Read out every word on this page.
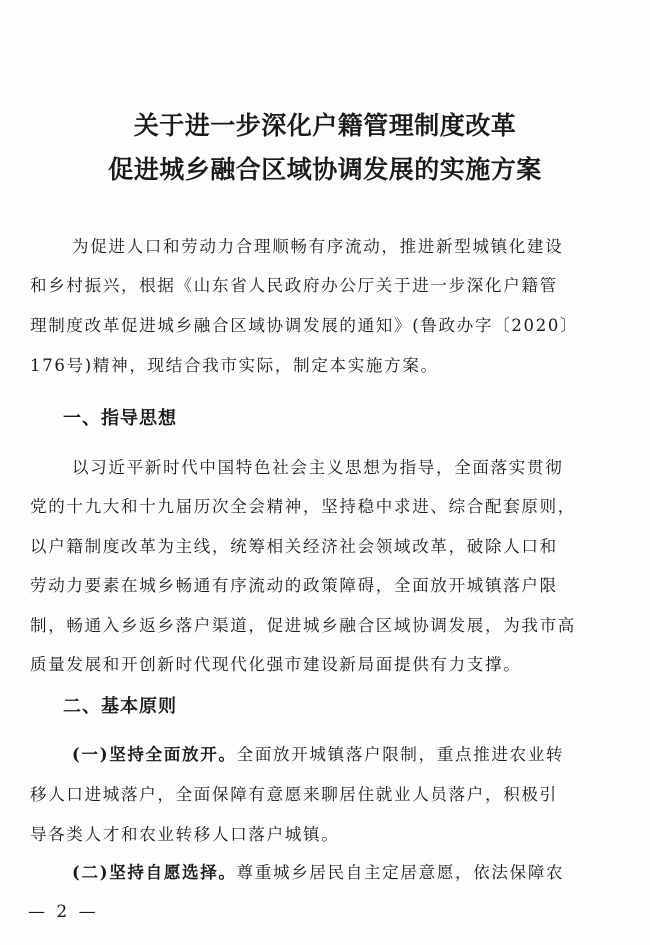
关于进一步深化户籍管理制度改革
促进城乡融合区域协调发展的实施方案
为促进人口和劳动力合理顺畅有序流动，推进新型城镇化建设
和乡村振兴，根据《山东省人民政府办公厅关于进一步深化户籍管
理制度改革促进城乡融合区域协调发展的通知》(鲁政办字〔2020〕
176号)精神，现结合我市实际，制定本实施方案。
一、指导思想
以习近平新时代中国特色社会主义思想为指导，全面落实贯彻
党的十九大和十九届历次全会精神，坚持稳中求进、综合配套原则，
以户籍制度改革为主线，统筹相关经济社会领域改革，破除人口和
劳动力要素在城乡畅通有序流动的政策障碍，全面放开城镇落户限
制，畅通入乡返乡落户渠道，促进城乡融合区域协调发展，为我市高
质量发展和开创新时代现代化强市建设新局面提供有力支撑。
二、基本原则
(一)坚持全面放开。全面放开城镇落户限制，重点推进农业转
移人口进城落户，全面保障有意愿来聊居住就业人员落户，积极引
导各类人才和农业转移人口落户城镇。
(二)坚持自愿选择。尊重城乡居民自主定居意愿，依法保障农
— 2 —
